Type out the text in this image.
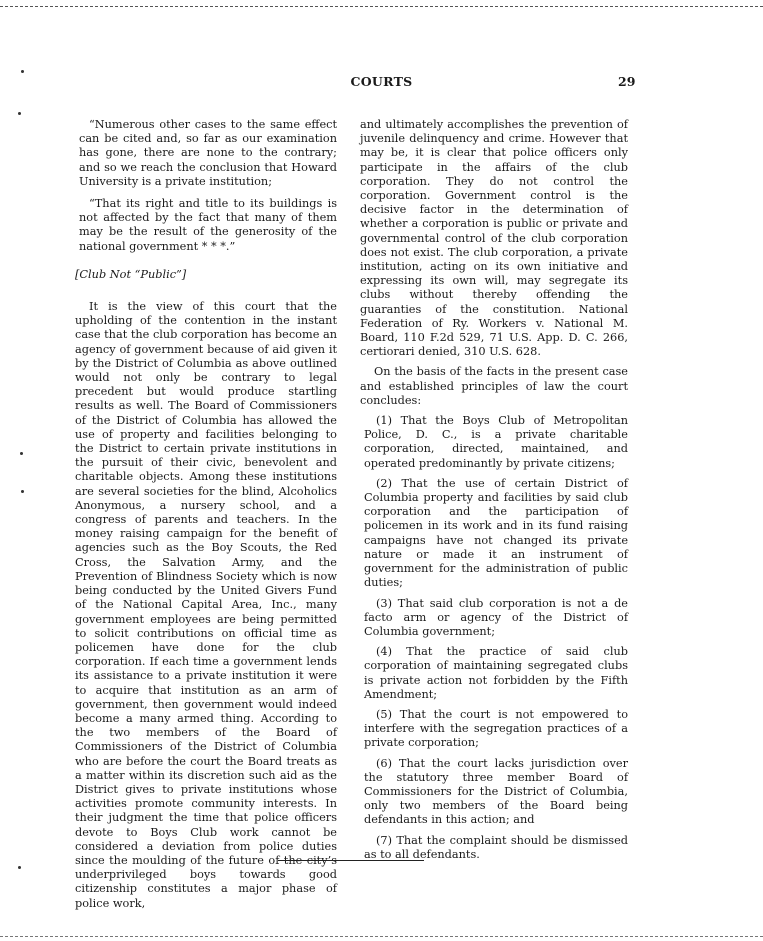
COURTS	29

“Numerous other cases to the same effect can be cited and, so far as our examination has gone, there are none to the contrary; and so we reach the conclusion that Howard University is a private institution;

“That its right and title to its buildings is not affected by the fact that many of them may be the result of the generosity of the national government * * *.”

[Club Not “Public”]

It is the view of this court that the upholding of the contention in the instant case that the club corporation has become an agency of government because of aid given it by the District of Columbia as above outlined would not only be contrary to legal precedent but would produce startling results as well. The Board of Commissioners of the District of Columbia has allowed the use of property and facilities belonging to the District to certain private institutions in the pursuit of their civic, benevolent and charitable objects. Among these institutions are several societies for the blind, Alcoholics Anonymous, a nursery school, and a congress of parents and teachers. In the money raising campaign for the benefit of agencies such as the Boy Scouts, the Red Cross, the Salvation Army, and the Prevention of Blindness Society which is now being conducted by the United Givers Fund of the National Capital Area, Inc., many government employees are being permitted to solicit contributions on official time as policemen have done for the club corporation. If each time a government lends its assistance to a private institution it were to acquire that institution as an arm of government, then government would indeed become a many armed thing. According to the two members of the Board of Commissioners of the District of Columbia who are before the court the Board treats as a matter within its discretion such aid as the District gives to private institutions whose activities promote community interests. In their judgment the time that police officers devote to Boys Club work cannot be considered a deviation from police duties since the moulding of the future of the city’s underprivileged boys towards good citizenship constitutes a major phase of police work,

and ultimately accomplishes the prevention of juvenile delinquency and crime. However that may be, it is clear that police officers only participate in the affairs of the club corporation. They do not control the corporation. Government control is the decisive factor in the determination of whether a corporation is public or private and governmental control of the club corporation does not exist. The club corporation, a private institution, acting on its own initiative and expressing its own will, may segregate its clubs without thereby offending the guaranties of the constitution. National Federation of Ry. Workers v. National M. Board, 110 F.2d 529, 71 U.S. App. D. C. 266, certiorari denied, 310 U.S. 628.

On the basis of the facts in the present case and established principles of law the court concludes:

(1) That the Boys Club of Metropolitan Police, D. C., is a private charitable corporation, directed, maintained, and operated predominantly by private citizens;

(2) That the use of certain District of Columbia property and facilities by said club corporation and the participation of policemen in its work and in its fund raising campaigns have not changed its private nature or made it an instrument of government for the administration of public duties;

(3) That said club corporation is not a de facto arm or agency of the District of Columbia government;

(4) That the practice of said club corporation of maintaining segregated clubs is private action not forbidden by the Fifth Amendment;

(5) That the court is not empowered to interfere with the segregation practices of a private corporation;

(6) That the court lacks jurisdiction over the statutory three member Board of Commissioners for the District of Columbia, only two members of the Board being defendants in this action; and

(7) That the complaint should be dismissed as to all defendants.
